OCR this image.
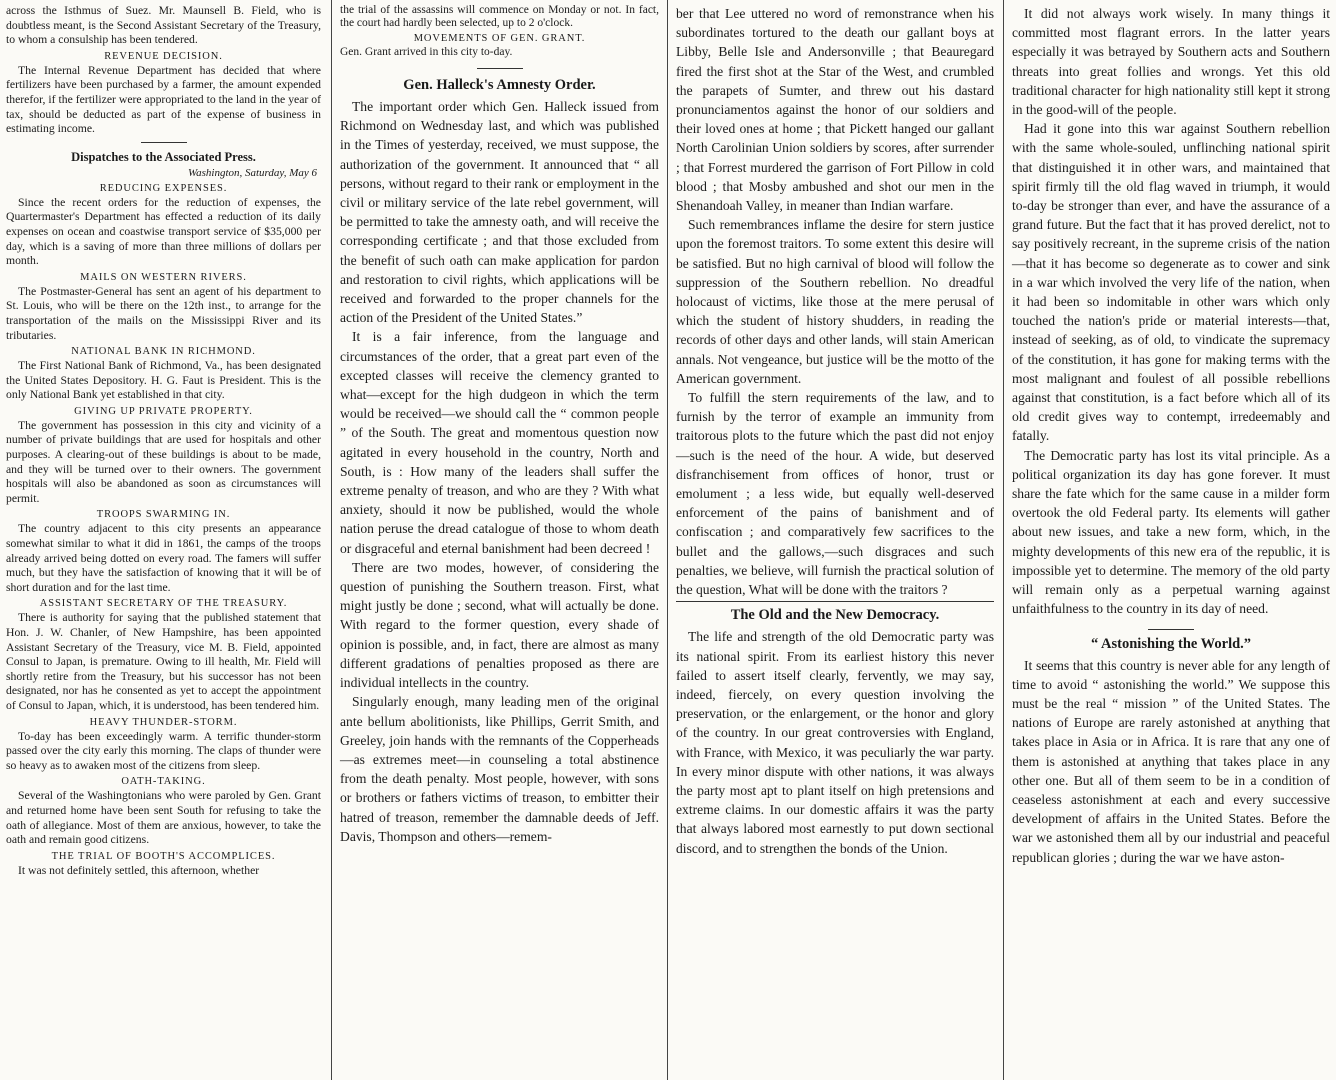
across the Isthmus of Suez. Mr. Maunsell B. Field, who is doubtless meant, is the Second Assistant Secretary of the Treasury, to whom a consulship has been tendered.

REVENUE DECISION.

The Internal Revenue Department has decided that where fertilizers have been purchased by a farmer, the amount expended therefor, if the fertilizer were appropriated to the land in the year of tax, should be deducted as part of the expense of business in estimating income.

Dispatches to the Associated Press.
Washington, Saturday, May 6
REDUCING EXPENSES.

Since the recent orders for the reduction of expenses, the Quartermaster's Department has effected a reduction of its daily expenses on ocean and coastwise transport service of $35,000 per day, which is a saving of more than three millions of dollars per month.

MAILS ON WESTERN RIVERS.

The Postmaster-General has sent an agent of his department to St. Louis, who will be there on the 12th inst., to arrange for the transportation of the mails on the Mississippi River and its tributaries.

NATIONAL BANK IN RICHMOND.

The First National Bank of Richmond, Va., has been designated the United States Depository. H. G. Faut is President. This is the only National Bank yet established in that city.

GIVING UP PRIVATE PROPERTY.

The government has possession in this city and vicinity of a number of private buildings that are used for hospitals and other purposes. A clearing-out of these buildings is about to be made, and they will be turned over to their owners. The government hospitals will also be abandoned as soon as circumstances will permit.

TROOPS SWARMING IN.

The country adjacent to this city presents an appearance somewhat similar to what it did in 1861, the camps of the troops already arrived being dotted on every road. The famers will suffer much, but they have the satisfaction of knowing that it will be of short duration and for the last time.

ASSISTANT SECRETARY OF THE TREASURY.

There is authority for saying that the published statement that Hon. J. W. Chanler, of New Hampshire, has been appointed Assistant Secretary of the Treasury, vice M. B. Field, appointed Consul to Japan, is premature. Owing to ill health, Mr. Field will shortly retire from the Treasury, but his successor has not been designated, nor has he consented as yet to accept the appointment of Consul to Japan, which, it is understood, has been tendered him.

HEAVY THUNDER-STORM.

To-day has been exceedingly warm. A terrific thunder-storm passed over the city early this morning. The claps of thunder were so heavy as to awaken most of the citizens from sleep.

OATH-TAKING.

Several of the Washingtonians who were paroled by Gen. Grant and returned home have been sent South for refusing to take the oath of allegiance. Most of them are anxious, however, to take the oath and remain good citizens.

THE TRIAL OF BOOTH'S ACCOMPLICES.

It was not definitely settled, this afternoon, whether

the trial of the assassins will commence on Monday or not. In fact, the court had hardly been selected, up to 2 o'clock.

MOVEMENTS OF GEN. GRANT.

Gen. Grant arrived in this city to-day.

Gen. Halleck's Amnesty Order.

The important order which Gen. Halleck issued from Richmond on Wednesday last, and which was published in the Times of yesterday, received, we must suppose, the authorization of the government. It announced that “ all persons, without regard to their rank or employment in the civil or military service of the late rebel government, will be permitted to take the amnesty oath, and will receive the corresponding certificate ; and that those excluded from the benefit of such oath can make application for pardon and restoration to civil rights, which applications will be received and forwarded to the proper channels for the action of the President of the United States.”

It is a fair inference, from the language and circumstances of the order, that a great part even of the excepted classes will receive the clemency granted to what—except for the high dudgeon in which the term would be received—we should call the “ common people ” of the South. The great and momentous question now agitated in every household in the country, North and South, is : How many of the leaders shall suffer the extreme penalty of treason, and who are they ? With what anxiety, should it now be published, would the whole nation peruse the dread catalogue of those to whom death or disgraceful and eternal banishment had been decreed !

There are two modes, however, of considering the question of punishing the Southern treason. First, what might justly be done ; second, what will actually be done. With regard to the former question, every shade of opinion is possible, and, in fact, there are almost as many different gradations of penalties proposed as there are individual intellects in the country.

Singularly enough, many leading men of the original ante bellum abolitionists, like Phillips, Gerrit Smith, and Greeley, join hands with the remnants of the Copperheads—as extremes meet—in counseling a total abstinence from the death penalty. Most people, however, with sons or brothers or fathers victims of treason, to embitter their hatred of treason, remember the damnable deeds of Jeff. Davis, Thompson and others—remem-

ber that Lee uttered no word of remonstrance when his subordinates tortured to the death our gallant boys at Libby, Belle Isle and Andersonville ; that Beauregard fired the first shot at the Star of the West, and crumbled the parapets of Sumter, and threw out his dastard pronunciamentos against the honor of our soldiers and their loved ones at home ; that Pickett hanged our gallant North Carolinian Union soldiers by scores, after surrender ; that Forrest murdered the garrison of Fort Pillow in cold blood ; that Mosby ambushed and shot our men in the Shenandoah Valley, in meaner than Indian warfare.

Such remembrances inflame the desire for stern justice upon the foremost traitors. To some extent this desire will be satisfied. But no high carnival of blood will follow the suppression of the Southern rebellion. No dreadful holocaust of victims, like those at the mere perusal of which the student of history shudders, in reading the records of other days and other lands, will stain American annals. Not vengeance, but justice will be the motto of the American government.

To fulfill the stern requirements of the law, and to furnish by the terror of example an immunity from traitorous plots to the future which the past did not enjoy—such is the need of the hour. A wide, but deserved disfranchisement from offices of honor, trust or emolument ; a less wide, but equally well-deserved enforcement of the pains of banishment and of confiscation ; and comparatively few sacrifices to the bullet and the gallows,—such disgraces and such penalties, we believe, will furnish the practical solution of the question, What will be done with the traitors ?

The Old and the New Democracy.

The life and strength of the old Democratic party was its national spirit. From its earliest history this never failed to assert itself clearly, fervently, we may say, indeed, fiercely, on every question involving the preservation, or the enlargement, or the honor and glory of the country. In our great controversies with England, with France, with Mexico, it was peculiarly the war party. In every minor dispute with other nations, it was always the party most apt to plant itself on high pretensions and extreme claims. In our domestic affairs it was the party that always labored most earnestly to put down sectional discord, and to strengthen the bonds of the Union.

It did not always work wisely. In many things it committed most flagrant errors. In the latter years especially it was betrayed by Southern acts and Southern threats into great follies and wrongs. Yet this old traditional character for high nationality still kept it strong in the good-will of the people.

Had it gone into this war against Southern rebellion with the same whole-souled, unflinching national spirit that distinguished it in other wars, and maintained that spirit firmly till the old flag waved in triumph, it would to-day be stronger than ever, and have the assurance of a grand future. But the fact that it has proved derelict, not to say positively recreant, in the supreme crisis of the nation—that it has become so degenerate as to cower and sink in a war which involved the very life of the nation, when it had been so indomitable in other wars which only touched the nation's pride or material interests—that, instead of seeking, as of old, to vindicate the supremacy of the constitution, it has gone for making terms with the most malignant and foulest of all possible rebellions against that constitution, is a fact before which all of its old credit gives way to contempt, irredeemably and fatally.

The Democratic party has lost its vital principle. As a political organization its day has gone forever. It must share the fate which for the same cause in a milder form overtook the old Federal party. Its elements will gather about new issues, and take a new form, which, in the mighty developments of this new era of the republic, it is impossible yet to determine. The memory of the old party will remain only as a perpetual warning against unfaithfulness to the country in its day of need.

“ Astonishing the World.”

It seems that this country is never able for any length of time to avoid “ astonishing the world.” We suppose this must be the real “ mission ” of the United States. The nations of Europe are rarely astonished at anything that takes place in Asia or in Africa. It is rare that any one of them is astonished at anything that takes place in any other one. But all of them seem to be in a condition of ceaseless astonishment at each and every successive development of affairs in the United States. Before the war we astonished them all by our industrial and peaceful republican glories ; during the war we have aston-
